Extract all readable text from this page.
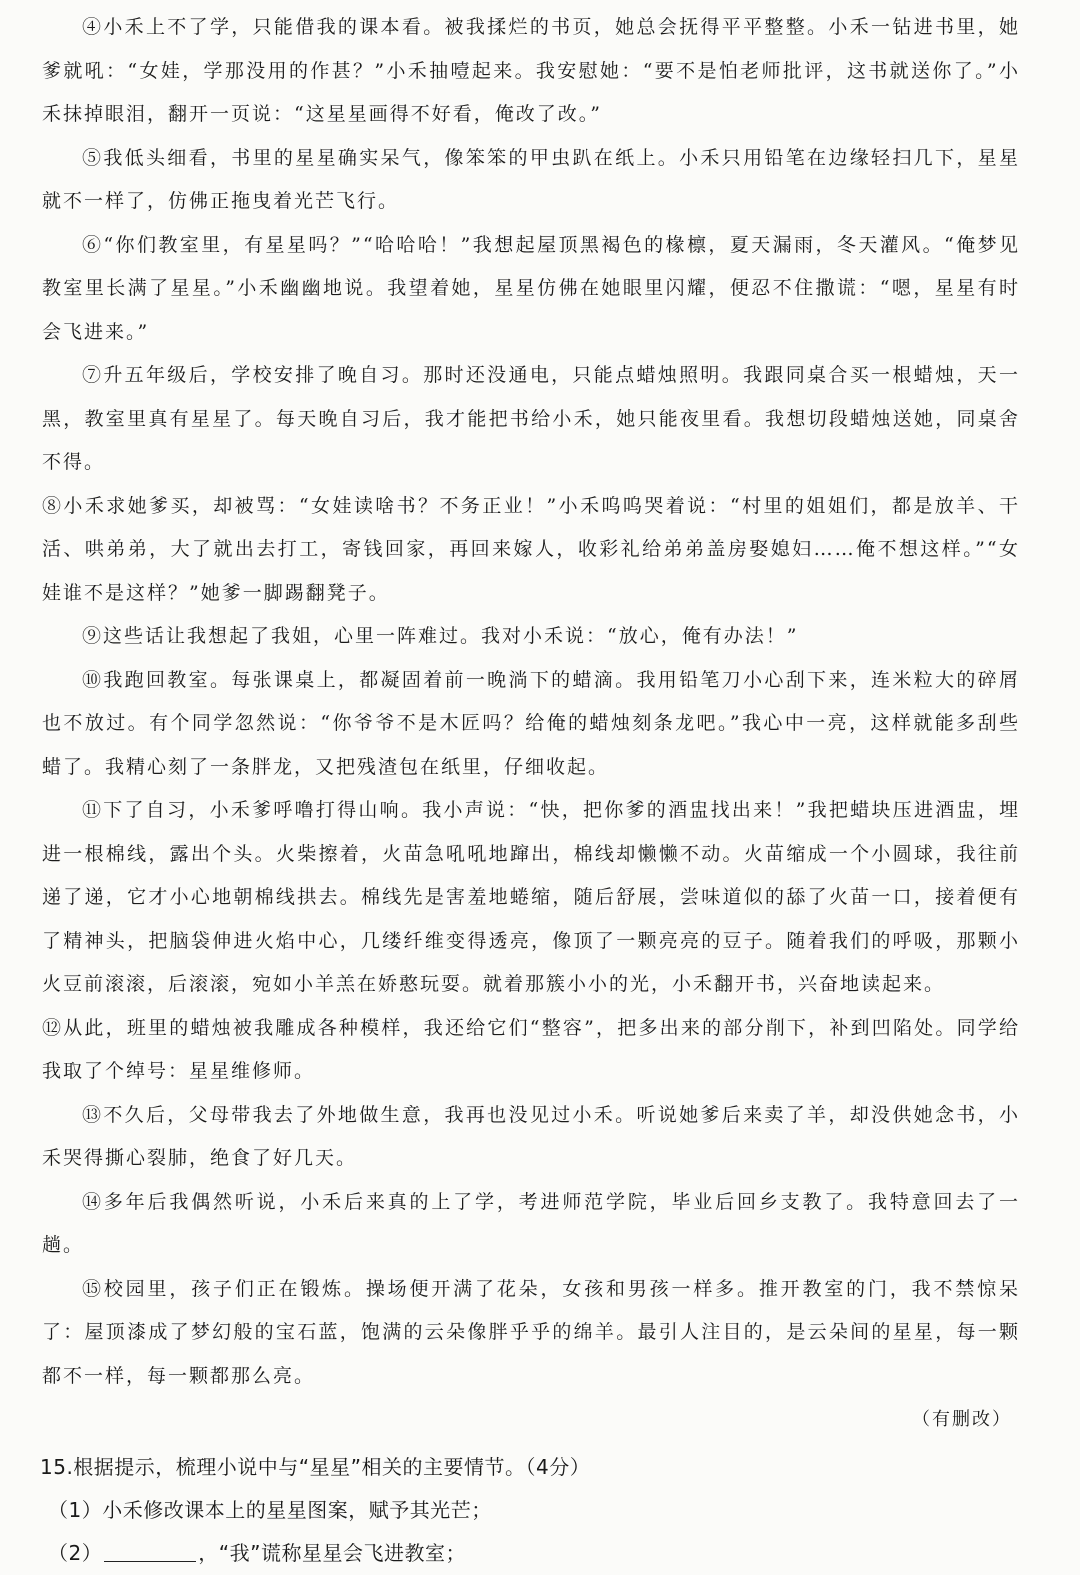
④小禾上不了学，只能借我的课本看。被我揉烂的书页，她总会抚得平平整整。小禾一钻进书里，她爹就吼：“女娃，学那没用的作甚？”小禾抽噎起来。我安慰她：“要不是怕老师批评，这书就送你了。”小禾抹掉眼泪，翻开一页说：“这星星画得不好看，俺改了改。”

⑤我低头细看，书里的星星确实呆气，像笨笨的甲虫趴在纸上。小禾只用铅笔在边缘轻扫几下，星星就不一样了，仿佛正拖曳着光芒飞行。

⑥“你们教室里，有星星吗？”“哈哈哈！”我想起屋顶黑褐色的椽檩，夏天漏雨，冬天灌风。“俺梦见教室里长满了星星。”小禾幽幽地说。我望着她，星星仿佛在她眼里闪耀，便忍不住撒谎：“嗯，星星有时会飞进来。”

⑦升五年级后，学校安排了晚自习。那时还没通电，只能点蜡烛照明。我跟同桌合买一根蜡烛，天一黑，教室里真有星星了。每天晚自习后，我才能把书给小禾，她只能夜里看。我想切段蜡烛送她，同桌舍不得。

⑧小禾求她爹买，却被骂：“女娃读啥书？不务正业！”小禾呜呜哭着说：“村里的姐姐们，都是放羊、干活、哄弟弟，大了就出去打工，寄钱回家，再回来嫁人，收彩礼给弟弟盖房娶媳妇……俺不想这样。”“女娃谁不是这样？”她爹一脚踢翻凳子。

⑨这些话让我想起了我姐，心里一阵难过。我对小禾说：“放心，俺有办法！”

⑩我跑回教室。每张课桌上，都凝固着前一晚淌下的蜡滴。我用铅笔刀小心刮下来，连米粒大的碎屑也不放过。有个同学忽然说：“你爷爷不是木匠吗？给俺的蜡烛刻条龙吧。”我心中一亮，这样就能多刮些蜡了。我精心刻了一条胖龙，又把残渣包在纸里，仔细收起。

⑪下了自习，小禾爹呼噜打得山响。我小声说：“快，把你爹的酒盅找出来！”我把蜡块压进酒盅，埋进一根棉线，露出个头。火柴擦着，火苗急吼吼地蹿出，棉线却懒懒不动。火苗缩成一个小圆球，我往前递了递，它才小心地朝棉线拱去。棉线先是害羞地蜷缩，随后舒展，尝味道似的舔了火苗一口，接着便有了精神头，把脑袋伸进火焰中心，几缕纤维变得透亮，像顶了一颗亮亮的豆子。随着我们的呼吸，那颗小火豆前滚滚，后滚滚，宛如小羊羔在娇憨玩耍。就着那簇小小的光，小禾翻开书，兴奋地读起来。

⑫从此，班里的蜡烛被我雕成各种模样，我还给它们“整容”，把多出来的部分削下，补到凹陷处。同学给我取了个绰号：星星维修师。

⑬不久后，父母带我去了外地做生意，我再也没见过小禾。听说她爹后来卖了羊，却没供她念书，小禾哭得撕心裂肺，绝食了好几天。

⑭多年后我偶然听说，小禾后来真的上了学，考进师范学院，毕业后回乡支教了。我特意回去了一趟。

⑮校园里，孩子们正在锻炼。操场便开满了花朵，女孩和男孩一样多。推开教室的门，我不禁惊呆了：屋顶漆成了梦幻般的宝石蓝，饱满的云朵像胖乎乎的绵羊。最引人注目的，是云朵间的星星，每一颗都不一样，每一颗都那么亮。

（有删改）

15.根据提示，梳理小说中与“星星”相关的主要情节。（4分）

（1）小禾修改课本上的星星图案，赋予其光芒；

（2）	，“我”谎称星星会飞进教室；
